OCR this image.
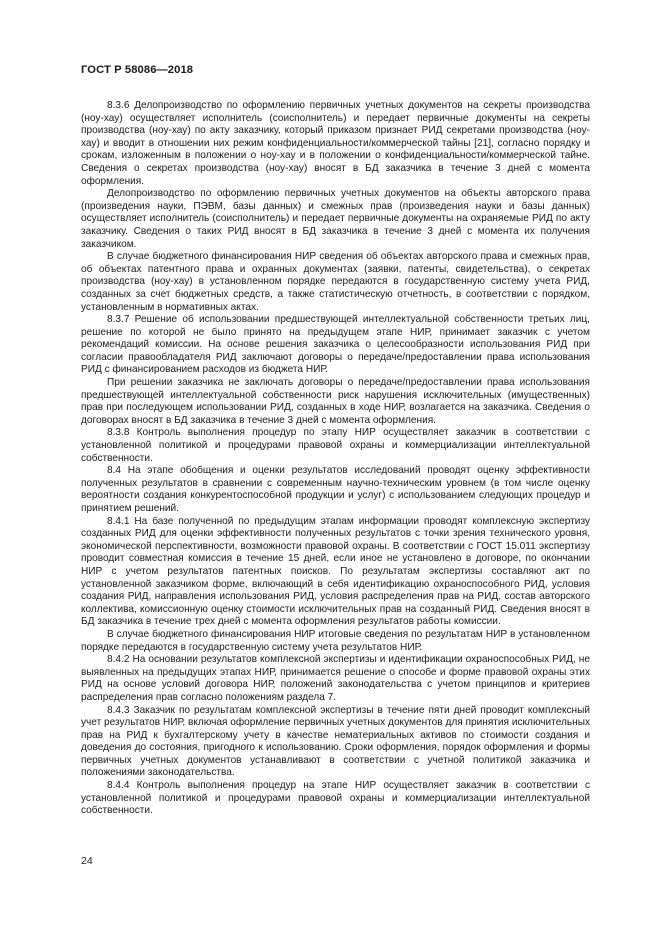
ГОСТ Р 58086—2018

8.3.6 Делопроизводство по оформлению первичных учетных документов на секреты производства (ноу-хау) осуществляет исполнитель (соисполнитель) и передает первичные документы на секреты производства (ноу-хау) по акту заказчику, который приказом признает РИД секретами производства (ноу-хау) и вводит в отношении них режим конфиденциальности/коммерческой тайны [21], согласно порядку и срокам, изложенным в положении о ноу-хау и в положении о конфиденциальности/коммерческой тайне. Сведения о секретах производства (ноу-хау) вносят в БД заказчика в течение 3 дней с момента оформления.

Делопроизводство по оформлению первичных учетных документов на объекты авторского права (произведения науки, ПЭВМ, базы данных) и смежных прав (произведения науки и базы данных) осуществляет исполнитель (соисполнитель) и передает первичные документы на охраняемые РИД по акту заказчику. Сведения о таких РИД вносят в БД заказчика в течение 3 дней с момента их получения заказчиком.

В случае бюджетного финансирования НИР сведения об объектах авторского права и смежных прав, об объектах патентного права и охранных документах (заявки, патенты, свидетельства), о секретах производства (ноу-хау) в установленном порядке передаются в государственную систему учета РИД, созданных за счет бюджетных средств, а также статистическую отчетность, в соответствии с порядком, установленным в нормативных актах.

8.3.7 Решение об использовании предшествующей интеллектуальной собственности третьих лиц, решение по которой не было принято на предыдущем этапе НИР, принимает заказчик с учетом рекомендаций комиссии. На основе решения заказчика о целесообразности использования РИД при согласии правообладателя РИД заключают договоры о передаче/предоставлении права использования РИД с финансированием расходов из бюджета НИР.

При решении заказчика не заключать договоры о передаче/предоставлении права использования предшествующей интеллектуальной собственности риск нарушения исключительных (имущественных) прав при последующем использовании РИД, созданных в ходе НИР, возлагается на заказчика. Сведения о договорах вносят в БД заказчика в течение 3 дней с момента оформления.

8.3.8 Контроль выполнения процедур по этапу НИР осуществляет заказчик в соответствии с установленной политикой и процедурами правовой охраны и коммерциализации интеллектуальной собственности.

8.4 На этапе обобщения и оценки результатов исследований проводят оценку эффективности полученных результатов в сравнении с современным научно-техническим уровнем (в том числе оценку вероятности создания конкурентоспособной продукции и услуг) с использованием следующих процедур и принятием решений.

8.4.1 На базе полученной по предыдущим этапам информации проводят комплексную экспертизу созданных РИД для оценки эффективности полученных результатов с точки зрения технического уровня, экономической перспективности, возможности правовой охраны. В соответствии с ГОСТ 15.011 экспертизу проводит совместная комиссия в течение 15 дней, если иное не установлено в договоре, по окончании НИР с учетом результатов патентных поисков. По результатам экспертизы составляют акт по установленной заказчиком форме, включающий в себя идентификацию охраноспособного РИД, условия создания РИД, направления использования РИД, условия распределения прав на РИД, состав авторского коллектива, комиссионную оценку стоимости исключительных прав на созданный РИД. Сведения вносят в БД заказчика в течение трех дней с момента оформления результатов работы комиссии.

В случае бюджетного финансирования НИР итоговые сведения по результатам НИР в установленном порядке передаются в государственную систему учета результатов НИР.

8.4.2 На основании результатов комплексной экспертизы и идентификации охраноспособных РИД, не выявленных на предыдущих этапах НИР, принимается решение о способе и форме правовой охраны этих РИД на основе условий договора НИР, положений законодательства с учетом принципов и критериев распределения прав согласно положениям раздела 7.

8.4.3 Заказчик по результатам комплексной экспертизы в течение пяти дней проводит комплексный учет результатов НИР, включая оформление первичных учетных документов для принятия исключительных прав на РИД к бухгалтерскому учету в качестве нематериальных активов по стоимости создания и доведения до состояния, пригодного к использованию. Сроки оформления, порядок оформления и формы первичных учетных документов устанавливают в соответствии с учетной политикой заказчика и положениями законодательства.

8.4.4 Контроль выполнения процедур на этапе НИР осуществляет заказчик в соответствии с установленной политикой и процедурами правовой охраны и коммерциализации интеллектуальной собственности.

24
